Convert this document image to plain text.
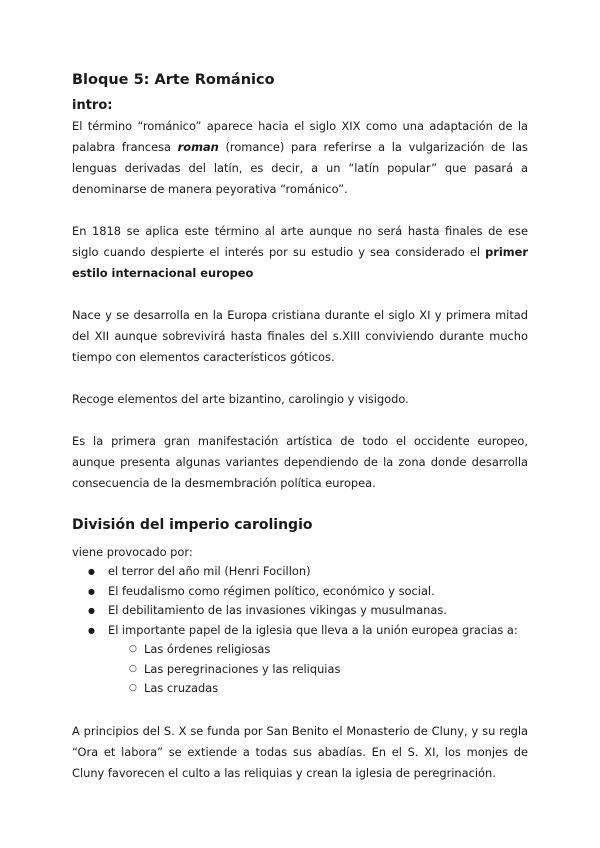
Bloque 5: Arte Románico
intro:

El término “románico” aparece hacia el siglo XIX como una adaptación de la palabra francesa roman (romance) para referirse a la vulgarización de las lenguas derivadas del latín, es decir, a un “latín popular” que pasará a denominarse de manera peyorativa “románico”.

En 1818 se aplica este término al arte aunque no será hasta finales de ese siglo cuando despierte el interés por su estudio y sea considerado el primer estilo internacional europeo

Nace y se desarrolla en la Europa cristiana durante el siglo XI y primera mitad del XII aunque sobrevivirá hasta finales del s.XIII conviviendo durante mucho tiempo con elementos característicos góticos.

Recoge elementos del arte bizantino, carolingio y visigodo.

Es la primera gran manifestación artística de todo el occidente europeo, aunque presenta algunas variantes dependiendo de la zona donde desarrolla consecuencia de la desmembración política europea.

División del imperio carolingio
viene provocado por:
● el terror del año mil (Henri Focillon)
● El feudalismo como régimen político, económico y social.
● El debilitamiento de las invasiones vikingas y musulmanas.
● El importante papel de la iglesia que lleva a la unión europea gracias a:
○ Las órdenes religiosas
○ Las peregrinaciones y las reliquias
○ Las cruzadas

A principios del S. X se funda por San Benito el Monasterio de Cluny, y su regla “Ora et labora” se extiende a todas sus abadías. En el S. XI, los monjes de Cluny favorecen el culto a las reliquias y crean la iglesia de peregrinación.
